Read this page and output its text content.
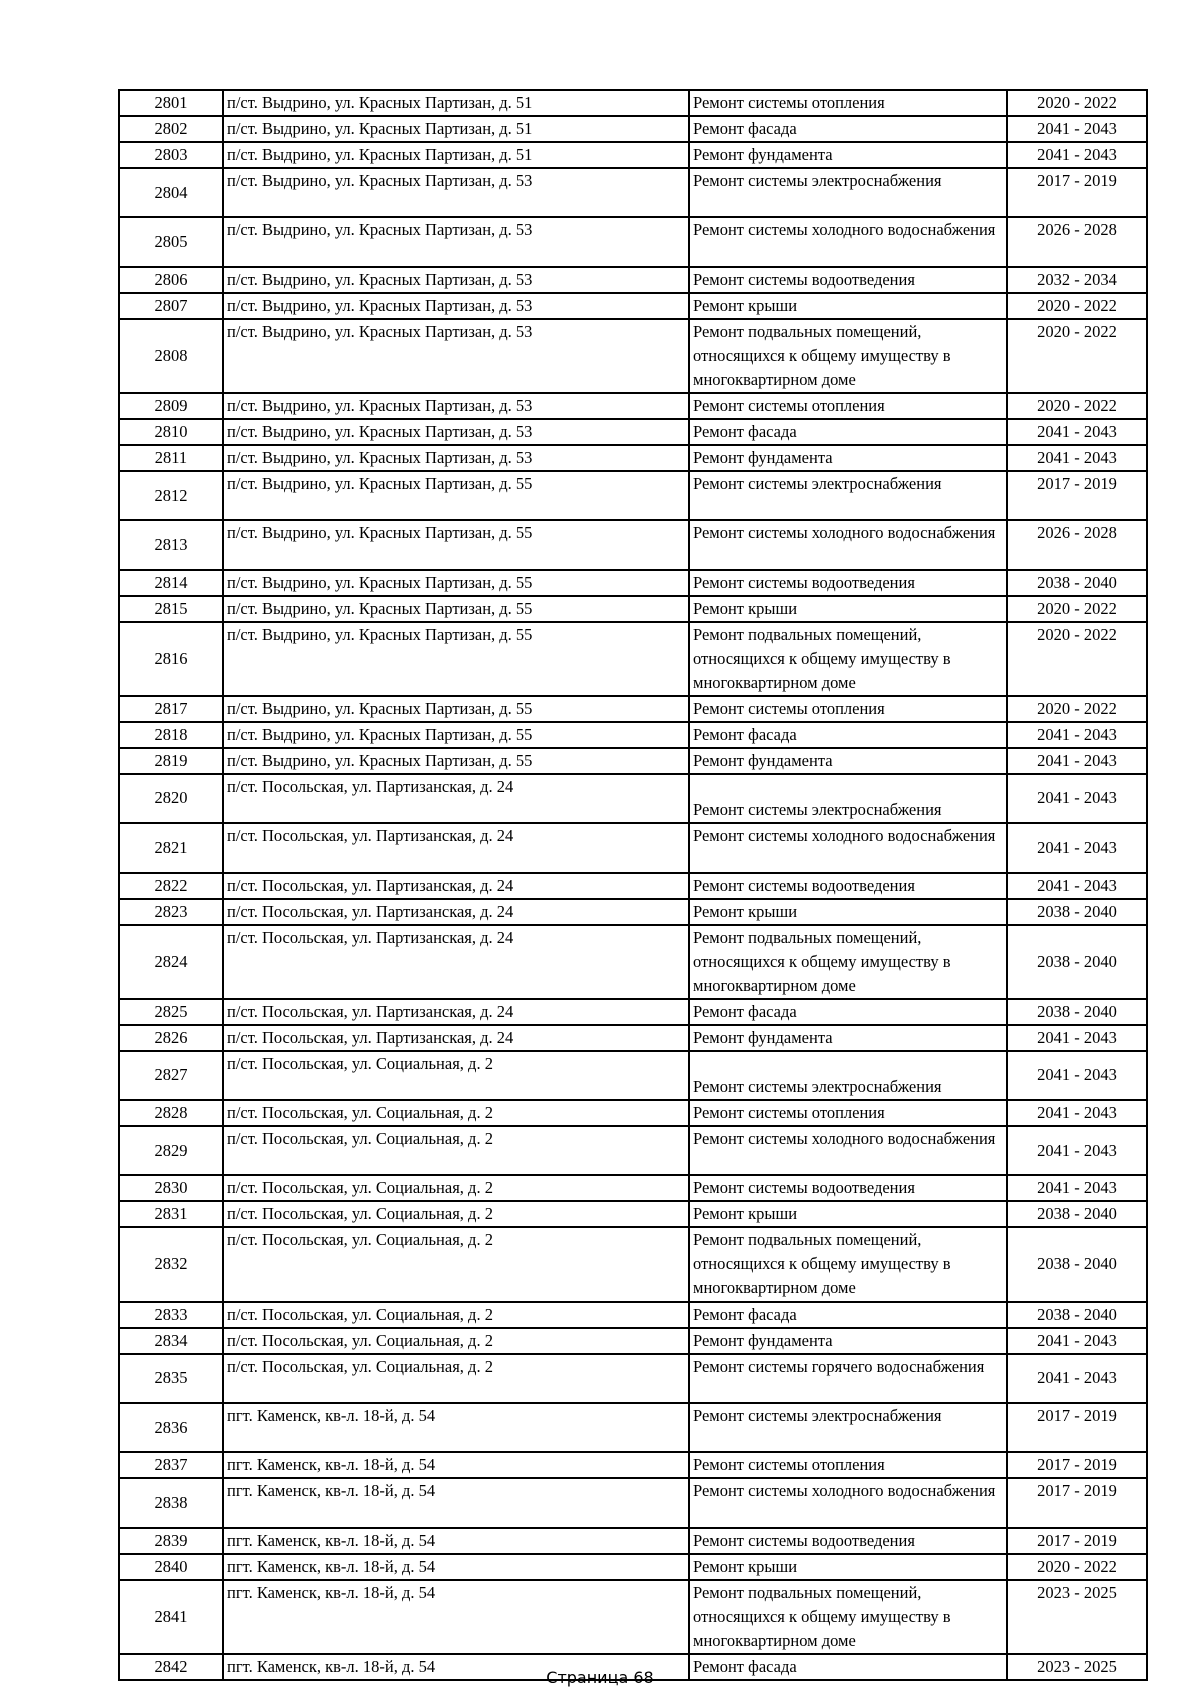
2801	п/ст. Выдрино, ул. Красных Партизан, д. 51	Ремонт системы отопления	2020 - 2022
2802	п/ст. Выдрино, ул. Красных Партизан, д. 51	Ремонт фасада	2041 - 2043
2803	п/ст. Выдрино, ул. Красных Партизан, д. 51	Ремонт фундамента	2041 - 2043
2804	п/ст. Выдрино, ул. Красных Партизан, д. 53	Ремонт системы электроснабжения	2017 - 2019
2805	п/ст. Выдрино, ул. Красных Партизан, д. 53	Ремонт системы холодного водоснабжения	2026 - 2028
2806	п/ст. Выдрино, ул. Красных Партизан, д. 53	Ремонт системы водоотведения	2032 - 2034
2807	п/ст. Выдрино, ул. Красных Партизан, д. 53	Ремонт крыши	2020 - 2022
2808	п/ст. Выдрино, ул. Красных Партизан, д. 53	Ремонт подвальных помещений, относящихся к общему имуществу в многоквартирном доме	2020 - 2022
2809	п/ст. Выдрино, ул. Красных Партизан, д. 53	Ремонт системы отопления	2020 - 2022
2810	п/ст. Выдрино, ул. Красных Партизан, д. 53	Ремонт фасада	2041 - 2043
2811	п/ст. Выдрино, ул. Красных Партизан, д. 53	Ремонт фундамента	2041 - 2043
2812	п/ст. Выдрино, ул. Красных Партизан, д. 55	Ремонт системы электроснабжения	2017 - 2019
2813	п/ст. Выдрино, ул. Красных Партизан, д. 55	Ремонт системы холодного водоснабжения	2026 - 2028
2814	п/ст. Выдрино, ул. Красных Партизан, д. 55	Ремонт системы водоотведения	2038 - 2040
2815	п/ст. Выдрино, ул. Красных Партизан, д. 55	Ремонт крыши	2020 - 2022
2816	п/ст. Выдрино, ул. Красных Партизан, д. 55	Ремонт подвальных помещений, относящихся к общему имуществу в многоквартирном доме	2020 - 2022
2817	п/ст. Выдрино, ул. Красных Партизан, д. 55	Ремонт системы отопления	2020 - 2022
2818	п/ст. Выдрино, ул. Красных Партизан, д. 55	Ремонт фасада	2041 - 2043
2819	п/ст. Выдрино, ул. Красных Партизан, д. 55	Ремонт фундамента	2041 - 2043
2820	п/ст. Посольская, ул. Партизанская, д. 24	Ремонт системы электроснабжения	2041 - 2043
2821	п/ст. Посольская, ул. Партизанская, д. 24	Ремонт системы холодного водоснабжения	2041 - 2043
2822	п/ст. Посольская, ул. Партизанская, д. 24	Ремонт системы водоотведения	2041 - 2043
2823	п/ст. Посольская, ул. Партизанская, д. 24	Ремонт крыши	2038 - 2040
2824	п/ст. Посольская, ул. Партизанская, д. 24	Ремонт подвальных помещений, относящихся к общему имуществу в многоквартирном доме	2038 - 2040
2825	п/ст. Посольская, ул. Партизанская, д. 24	Ремонт фасада	2038 - 2040
2826	п/ст. Посольская, ул. Партизанская, д. 24	Ремонт фундамента	2041 - 2043
2827	п/ст. Посольская, ул. Социальная, д. 2	Ремонт системы электроснабжения	2041 - 2043
2828	п/ст. Посольская, ул. Социальная, д. 2	Ремонт системы отопления	2041 - 2043
2829	п/ст. Посольская, ул. Социальная, д. 2	Ремонт системы холодного водоснабжения	2041 - 2043
2830	п/ст. Посольская, ул. Социальная, д. 2	Ремонт системы водоотведения	2041 - 2043
2831	п/ст. Посольская, ул. Социальная, д. 2	Ремонт крыши	2038 - 2040
2832	п/ст. Посольская, ул. Социальная, д. 2	Ремонт подвальных помещений, относящихся к общему имуществу в многоквартирном доме	2038 - 2040
2833	п/ст. Посольская, ул. Социальная, д. 2	Ремонт фасада	2038 - 2040
2834	п/ст. Посольская, ул. Социальная, д. 2	Ремонт фундамента	2041 - 2043
2835	п/ст. Посольская, ул. Социальная, д. 2	Ремонт системы горячего водоснабжения	2041 - 2043
2836	пгт. Каменск, кв-л. 18-й, д. 54	Ремонт системы электроснабжения	2017 - 2019
2837	пгт. Каменск, кв-л. 18-й, д. 54	Ремонт системы отопления	2017 - 2019
2838	пгт. Каменск, кв-л. 18-й, д. 54	Ремонт системы холодного водоснабжения	2017 - 2019
2839	пгт. Каменск, кв-л. 18-й, д. 54	Ремонт системы водоотведения	2017 - 2019
2840	пгт. Каменск, кв-л. 18-й, д. 54	Ремонт крыши	2020 - 2022
2841	пгт. Каменск, кв-л. 18-й, д. 54	Ремонт подвальных помещений, относящихся к общему имуществу в многоквартирном доме	2023 - 2025
2842	пгт. Каменск, кв-л. 18-й, д. 54	Ремонт фасада	2023 - 2025
Страница 68
